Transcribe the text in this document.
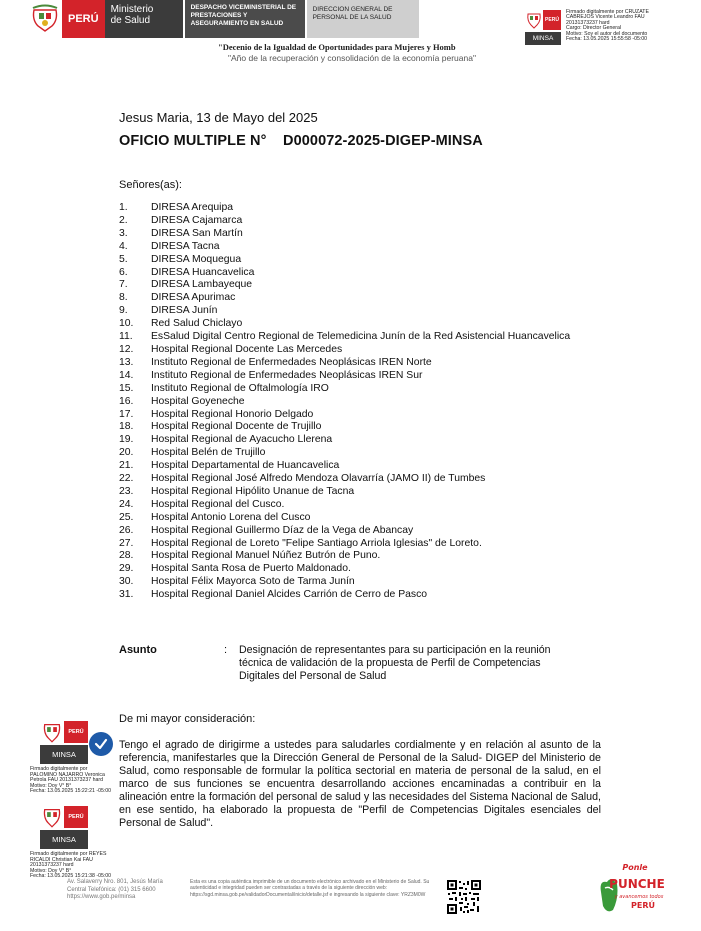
PERÚ
Ministerio
de Salud
DESPACHO VICEMINISTERIAL DE PRESTACIONES Y ASEGURAMIENTO EN SALUD
DIRECCION GENERAL DE PERSONAL DE LA SALUD
"Decenio de la Igualdad de Oportunidades para Mujeres y Homb
"Año de la recuperación y consolidación de la economía peruana"
PERÚ
MINSA
Firmado digitalmente por CRUZATE
CABREJOS Vicente Leandro FAU
20131373237 hard
Cargo: Director General
Motivo: Soy el autor del documento
Fecha: 13.05.2025 15:55:58 -05:00
Jesus Maria, 13 de Mayo del 2025
OFICIO MULTIPLE N°    D000072-2025-DIGEP-MINSA
Señores(as):
1.	DIRESA Arequipa
2.	DIRESA Cajamarca
3.	DIRESA San Martín
4.	DIRESA Tacna
5.	DIRESA Moquegua
6.	DIRESA Huancavelica
7.	DIRESA Lambayeque
8.	DIRESA Apurimac
9.	DIRESA Junín
10.	Red Salud Chiclayo
11.	EsSalud Digital Centro Regional de Telemedicina Junín de la Red Asistencial Huancavelica
12.	Hospital Regional Docente Las Mercedes
13.	Instituto Regional de Enfermedades Neoplásicas IREN Norte
14.	Instituto Regional de Enfermedades Neoplásicas IREN Sur
15.	Instituto Regional de Oftalmología IRO
16.	Hospital Goyeneche
17.	Hospital Regional Honorio Delgado
18.	Hospital Regional Docente de Trujillo
19.	Hospital Regional de Ayacucho Llerena
20.	Hospital Belén de Trujillo
21.	Hospital Departamental de Huancavelica
22.	Hospital Regional José Alfredo Mendoza Olavarría (JAMO II) de Tumbes
23.	Hospital Regional Hipólito Unanue de Tacna
24.	Hospital Regional del Cusco.
25.	Hospital Antonio Lorena del Cusco
26.	Hospital Regional Guillermo Díaz de la Vega de Abancay
27.	Hospital Regional de Loreto "Felipe Santiago Arriola Iglesias" de Loreto.
28.	Hospital Regional Manuel Núñez Butrón de Puno.
29.	Hospital Santa Rosa de Puerto Maldonado.
30.	Hospital Félix Mayorca Soto de Tarma Junín
31.	Hospital Regional Daniel Alcides Carrión de Cerro de Pasco
Asunto	: Designación de representantes para su participación en la reunión técnica de validación de la propuesta de Perfil de Competencias Digitales del Personal de Salud
De mi mayor consideración:
Tengo el agrado de dirigirme a ustedes para saludarles cordialmente y en relación al asunto de la referencia, manifestarles que la Dirección General de Personal de la Salud- DIGEP del Ministerio de Salud, como responsable de formular la política sectorial en materia de personal de la salud, en el marco de sus funciones se encuentra desarrollando acciones encaminadas a contribuir en la alineación entre la formación del personal de salud y las necesidades del Sistema Nacional de Salud, en ese sentido, ha elaborado la propuesta de "Perfil de Competencias Digitales esenciales del Personal de Salud".
PERÚ
MINSA
Firmado digitalmente por
PALOMINO NAJARRO Veronica
Petrola FAU 20131373237 hard
Motivo: Doy V° B°
Fecha: 13.05.2025 15:22:21 -05:00
PERÚ
MINSA
Firmado digitalmente por REYES
RICALDI Christian Kai FAU
20131373237 hard
Motivo: Doy V° B°
Fecha: 13.05.2025 15:21:38 -05:00
Av. Salaverry Nro. 801, Jesús María
Central Telefónica: (01) 315 6600
https://www.gob.pe/minsa
Esta es una copia auténtica imprimible de un documento electrónico archivado en el Ministerio de Salud. Su autenticidad e integridad pueden ser contrastadas a través de la siguiente dirección web: https://sgd.minsa.gob.pe/validadorDocumental/inicio/detalle.jsf e ingresando la siguiente clave: YRZ3M0W
Ponle
PUNCHE
y avancemos todos
PERÚ
